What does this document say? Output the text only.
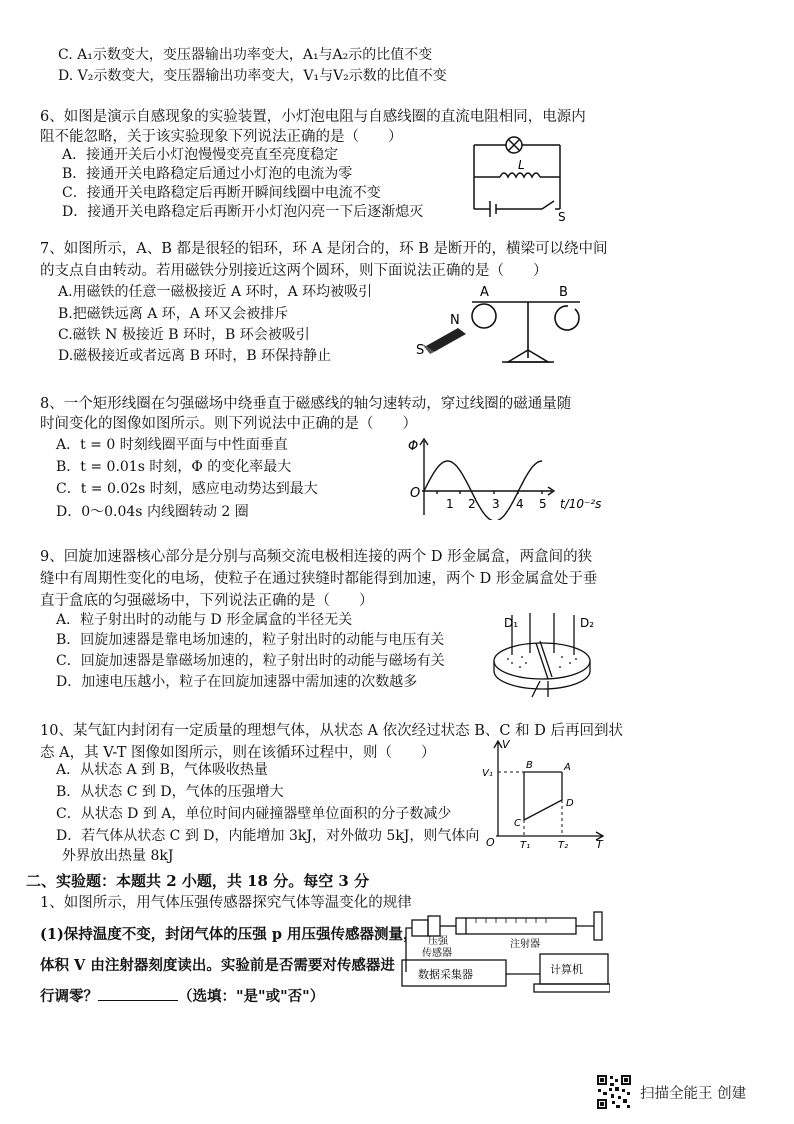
C. A₁示数变大，变压器输出功率变大，A₁与A₂示的比值不变
D. V₂示数变大，变压器输出功率变大，V₁与V₂示数的比值不变
6、如图是演示自感现象的实验装置，小灯泡电阻与自感线圈的直流电阻相同，电源内
阻不能忽略，关于该实验现象下列说法正确的是（　　）
A．接通开关后小灯泡慢慢变亮直至亮度稳定
B．接通开关电路稳定后通过小灯泡的电流为零
C．接通开关电路稳定后再断开瞬间线圈中电流不变
D．接通开关电路稳定后再断开小灯泡闪亮一下后逐渐熄灭
L
S
7、如图所示，A、B 都是很轻的铝环，环 A 是闭合的，环 B 是断开的，横梁可以绕中间
的支点自由转动。若用磁铁分别接近这两个圆环，则下面说法正确的是（　　）
A.用磁铁的任意一磁极接近 A 环时，A 环均被吸引
B.把磁铁远离 A 环，A 环又会被排斥
C.磁铁 N 极接近 B 环时，B 环会被吸引
D.磁极接近或者远离 B 环时，B 环保持静止
A	B
N
S
8、一个矩形线圈在匀强磁场中绕垂直于磁感线的轴匀速转动，穿过线圈的磁通量随
时间变化的图像如图所示。则下列说法中正确的是（　　）
A．t = 0 时刻线圈平面与中性面垂直
B．t = 0.01s 时刻，Φ 的变化率最大
C．t = 0.02s 时刻，感应电动势达到最大
D．0～0.04s 内线圈转动 2 圈
Φ
O
1 2 3 4 5 t/10⁻²s
9、回旋加速器核心部分是分别与高频交流电极相连接的两个 D 形金属盒，两盒间的狭
缝中有周期性变化的电场，使粒子在通过狭缝时都能得到加速，两个 D 形金属盒处于垂
直于盒底的匀强磁场中，下列说法正确的是（　　）
A．粒子射出时的动能与 D 形金属盒的半径无关
B．回旋加速器是靠电场加速的，粒子射出时的动能与电压有关
C．回旋加速器是靠磁场加速的，粒子射出时的动能与磁场有关
D．加速电压越小，粒子在回旋加速器中需加速的次数越多
D₁	D₂
10、某气缸内封闭有一定质量的理想气体，从状态 A 依次经过状态 B、C 和 D 后再回到状
态 A，其 V-T 图像如图所示，则在该循环过程中，则（　　）
A．从状态 A 到 B，气体吸收热量
B．从状态 C 到 D，气体的压强增大
C．从状态 D 到 A，单位时间内碰撞器壁单位面积的分子数减少
D．若气体从状态 C 到 D，内能增加 3kJ，对外做功 5kJ，则气体向
外界放出热量 8kJ
V
V₁
O	T₁	T₂	T
A
B
C
D
二、实验题：本题共 2 小题，共 18 分。每空 3 分
1、如图所示，用气体压强传感器探究气体等温变化的规律
(1)保持温度不变，封闭气体的压强 p 用压强传感器测量，
体积 V 由注射器刻度读出。实验前是否需要对传感器进
行调零？	（选填："是"或"否"）
压强
传感器
注射器
数据采集器	计算机
扫描全能王 创建
